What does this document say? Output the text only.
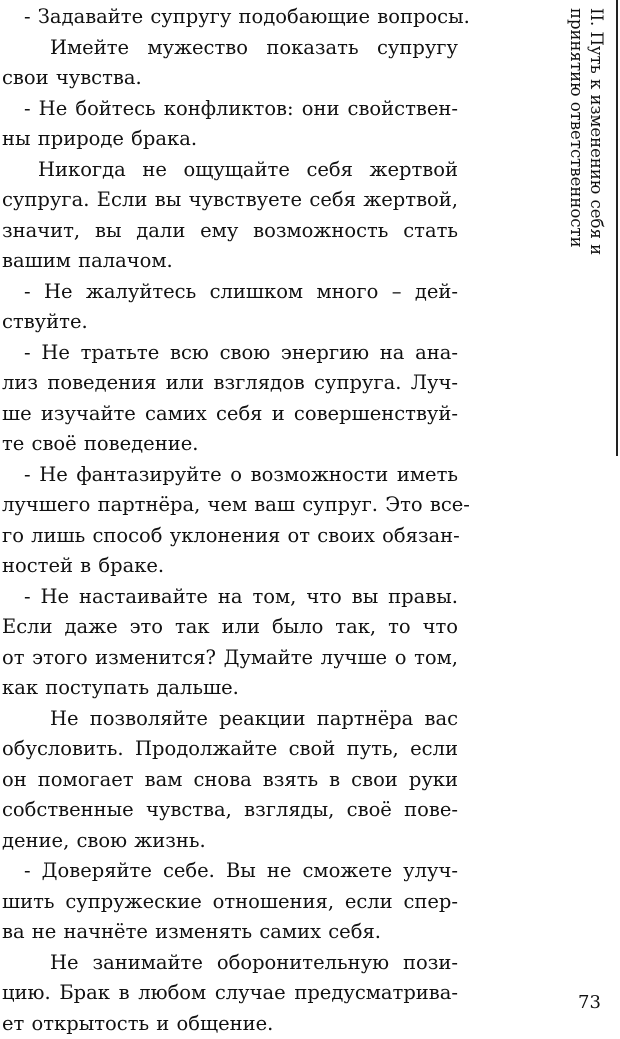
- Задавайте супругу подобающие вопросы.
Имейте мужество показать супругу
свои чувства.
- Не бойтесь конфликтов: они свойствен-
ны природе брака.
Никогда не ощущайте себя жертвой
супруга. Если вы чувствуете себя жертвой,
значит, вы дали ему возможность стать
вашим палачом.
- Не жалуйтесь слишком много – дей-
ствуйте.
- Не тратьте всю свою энергию на ана-
лиз поведения или взглядов супруга. Луч-
ше изучайте самих себя и совершенствуй-
те своё поведение.
- Не фантазируйте о возможности иметь
лучшего партнёра, чем ваш супруг. Это все-
го лишь способ уклонения от своих обязан-
ностей в браке.
- Не настаивайте на том, что вы правы.
Если даже это так или было так, то что
от этого изменится? Думайте лучше о том,
как поступать дальше.
Не позволяйте реакции партнёра вас
обусловить. Продолжайте свой путь, если
он помогает вам снова взять в свои руки
собственные чувства, взгляды, своё пове-
дение, свою жизнь.
- Доверяйте себе. Вы не сможете улуч-
шить супружеские отношения, если спер-
ва не начнёте изменять самих себя.
Не занимайте оборонительную пози-
цию. Брак в любом случае предусматрива-
ет открытость и общение.
II. Путь к изменению себя и
принятию ответственности
73
